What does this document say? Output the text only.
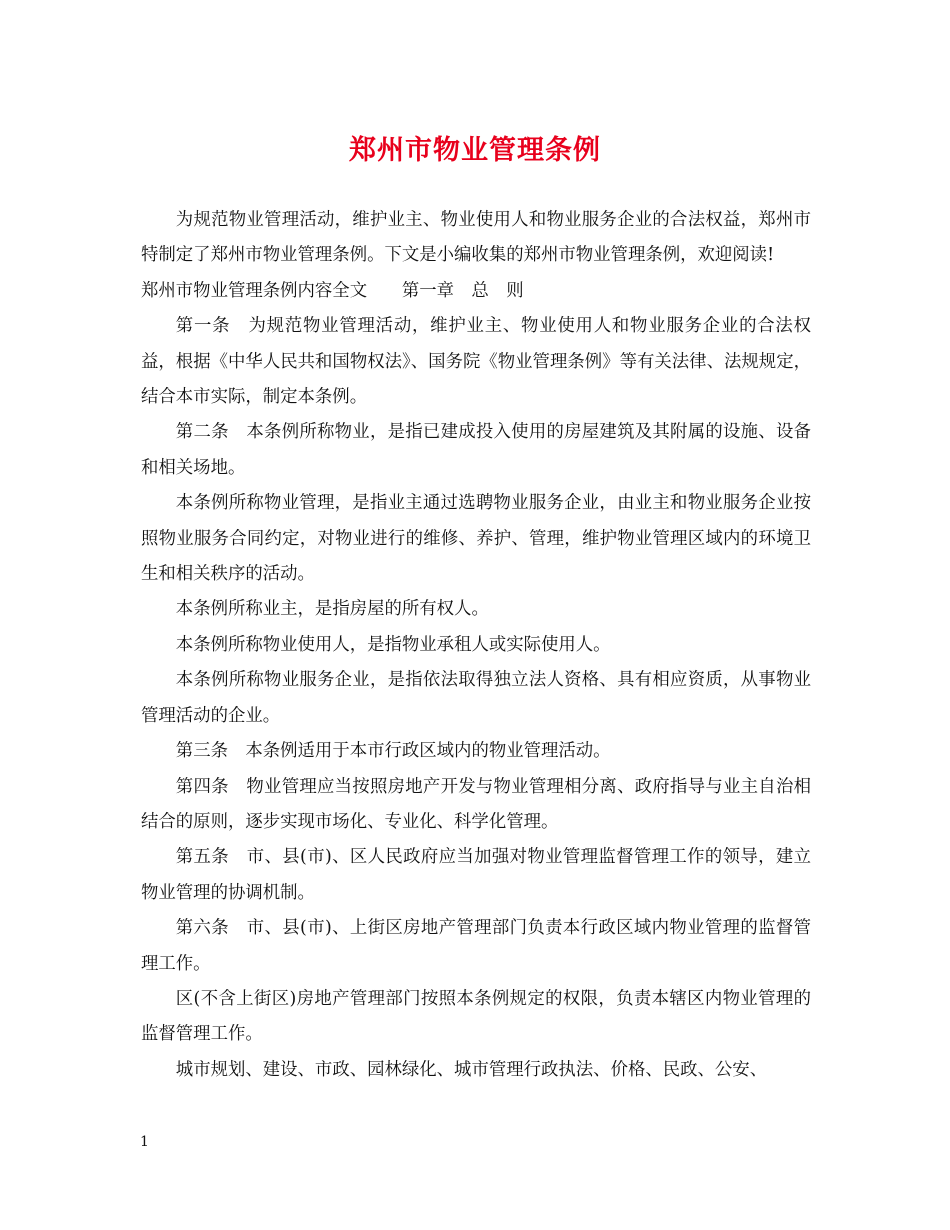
郑州市物业管理条例

为规范物业管理活动，维护业主、物业使用人和物业服务企业的合法权益，郑州市特制定了郑州市物业管理条例。下文是小编收集的郑州市物业管理条例，欢迎阅读!

郑州市物业管理条例内容全文　　第一章　总　则

第一条　为规范物业管理活动，维护业主、物业使用人和物业服务企业的合法权益，根据《中华人民共和国物权法》、国务院《物业管理条例》等有关法律、法规规定，结合本市实际，制定本条例。

第二条　本条例所称物业，是指已建成投入使用的房屋建筑及其附属的设施、设备和相关场地。

本条例所称物业管理，是指业主通过选聘物业服务企业，由业主和物业服务企业按照物业服务合同约定，对物业进行的维修、养护、管理，维护物业管理区域内的环境卫生和相关秩序的活动。

本条例所称业主，是指房屋的所有权人。

本条例所称物业使用人，是指物业承租人或实际使用人。

本条例所称物业服务企业，是指依法取得独立法人资格、具有相应资质，从事物业管理活动的企业。

第三条　本条例适用于本市行政区域内的物业管理活动。

第四条　物业管理应当按照房地产开发与物业管理相分离、政府指导与业主自治相结合的原则，逐步实现市场化、专业化、科学化管理。

第五条　市、县(市)、区人民政府应当加强对物业管理监督管理工作的领导，建立物业管理的协调机制。

第六条　市、县(市)、上街区房地产管理部门负责本行政区域内物业管理的监督管理工作。

区(不含上街区)房地产管理部门按照本条例规定的权限，负责本辖区内物业管理的监督管理工作。

城市规划、建设、市政、园林绿化、城市管理行政执法、价格、民政、公安、

1
